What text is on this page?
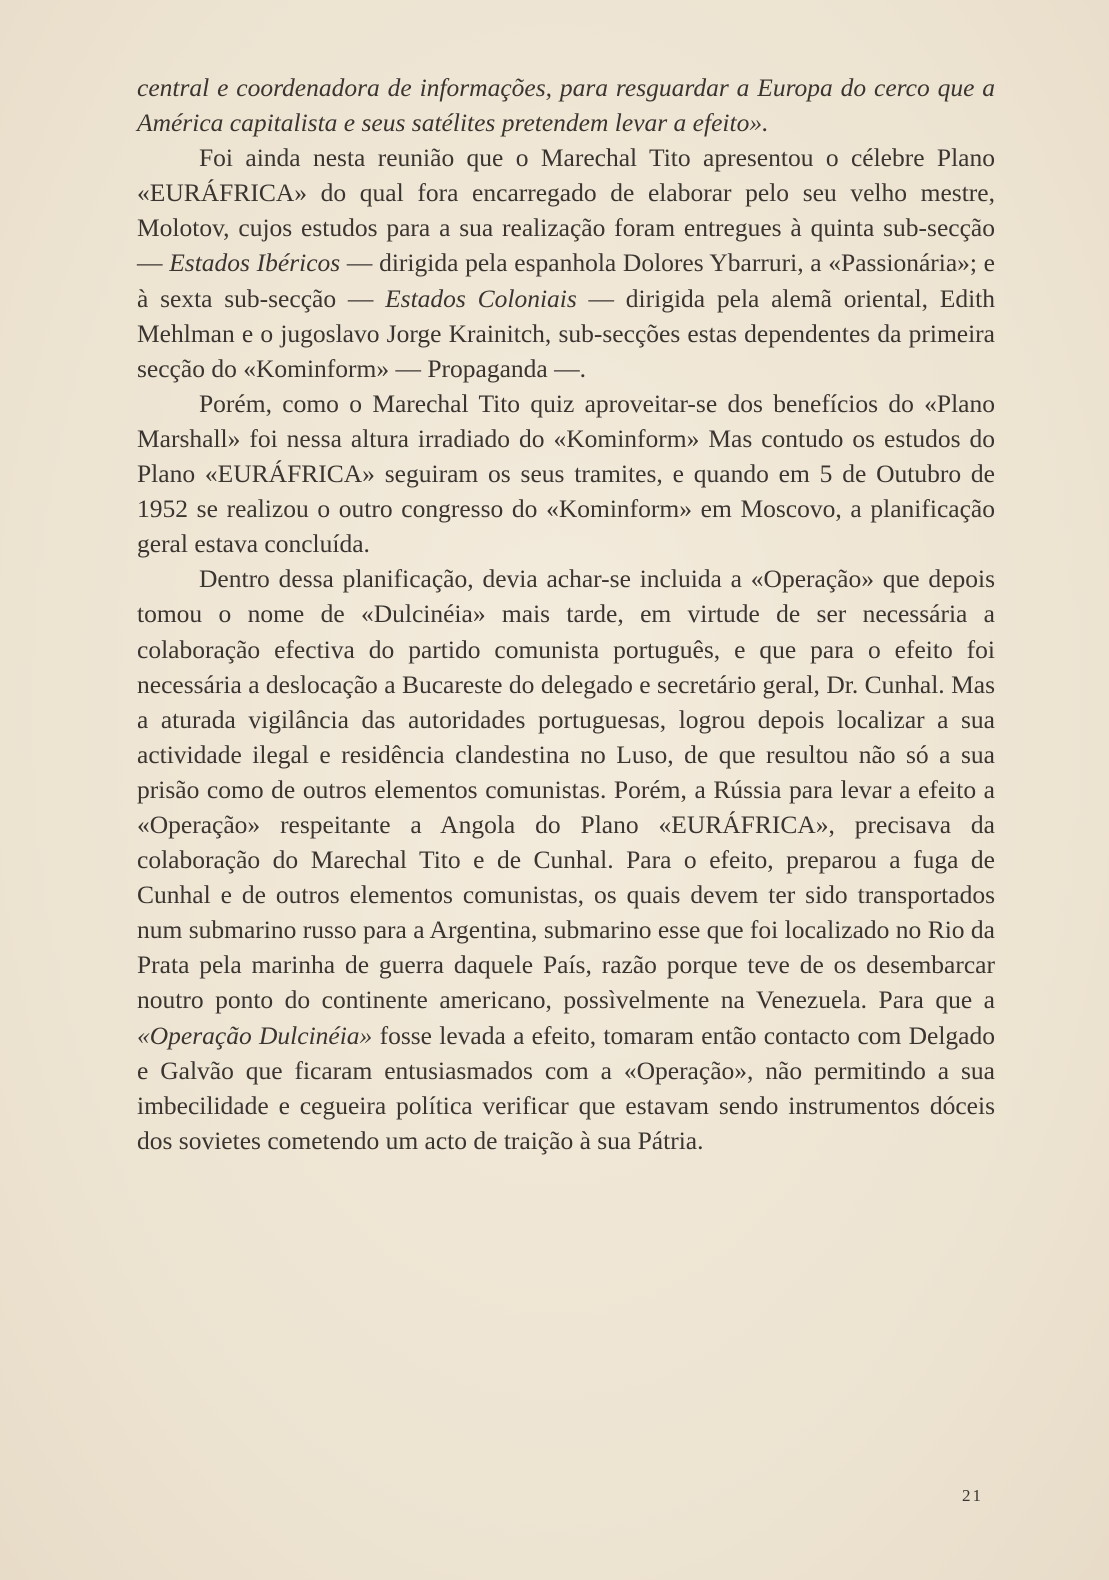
central e coordenadora de informações, para resguardar a Europa do cerco que a América capitalista e seus satélites pretendem levar a efeito».

Foi ainda nesta reunião que o Marechal Tito apresentou o célebre Plano «EURÁFRICA» do qual fora encarregado de elaborar pelo seu velho mestre, Molotov, cujos estudos para a sua realização foram entregues à quinta sub-secção — Estados Ibéricos — dirigida pela espanhola Dolores Ybarruri, a «Passionária»; e à sexta sub-secção — Estados Coloniais — dirigida pela alemã oriental, Edith Mehlman e o jugoslavo Jorge Krainitch, sub-secções estas dependentes da primeira secção do «Kominform» — Propaganda —.

Porém, como o Marechal Tito quiz aproveitar-se dos benefícios do «Plano Marshall» foi nessa altura irradiado do «Kominform» Mas contudo os estudos do Plano «EURÁFRICA» seguiram os seus tramites, e quando em 5 de Outubro de 1952 se realizou o outro congresso do «Kominform» em Moscovo, a planificação geral estava concluída.

Dentro dessa planificação, devia achar-se incluida a «Operação» que depois tomou o nome de «Dulcinéia» mais tarde, em virtude de ser necessária a colaboração efectiva do partido comunista português, e que para o efeito foi necessária a deslocação a Bucareste do delegado e secretário geral, Dr. Cunhal. Mas a aturada vigilância das autoridades portuguesas, logrou depois localizar a sua actividade ilegal e residência clandestina no Luso, de que resultou não só a sua prisão como de outros elementos comunistas. Porém, a Rússia para levar a efeito a «Operação» respeitante a Angola do Plano «EURÁFRICA», precisava da colaboração do Marechal Tito e de Cunhal. Para o efeito, preparou a fuga de Cunhal e de outros elementos comunistas, os quais devem ter sido transportados num submarino russo para a Argentina, submarino esse que foi localizado no Rio da Prata pela marinha de guerra daquele País, razão porque teve de os desembarcar noutro ponto do continente americano, possìvelmente na Venezuela. Para que a «Operação Dulcinéia» fosse levada a efeito, tomaram então contacto com Delgado e Galvão que ficaram entusiasmados com a «Operação», não permitindo a sua imbecilidade e cegueira política verificar que estavam sendo instrumentos dóceis dos sovietes cometendo um acto de traição à sua Pátria.

21
